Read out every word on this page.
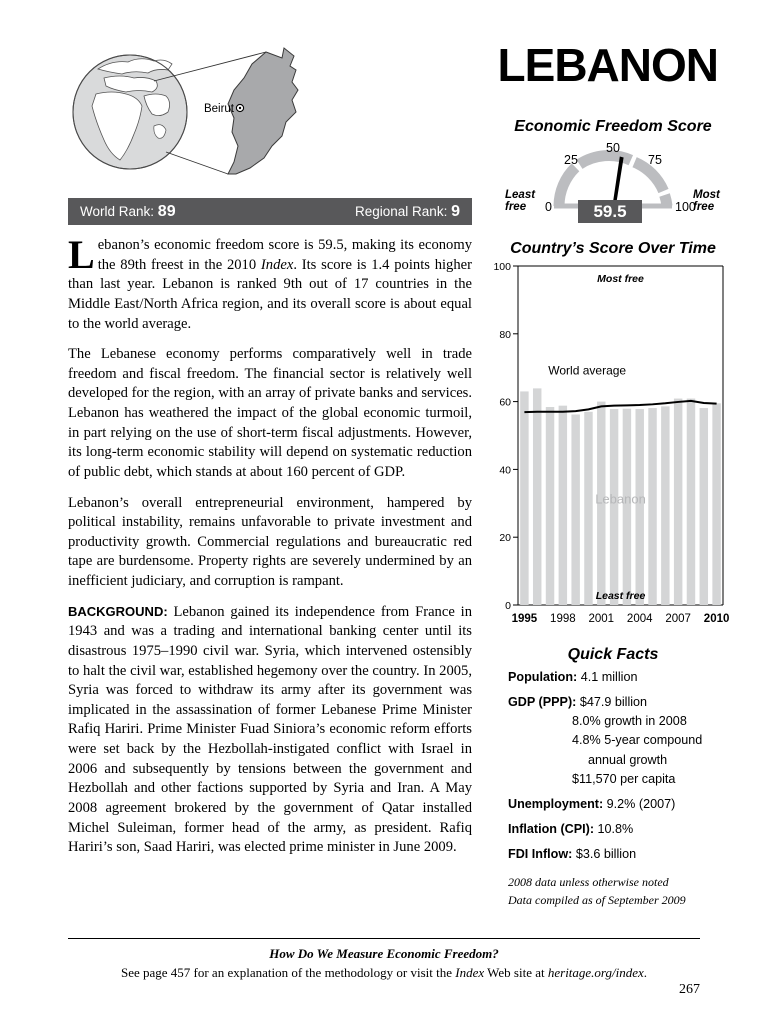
Beirut
World Rank: 89	Regional Rank: 9

Lebanon’s economic freedom score is 59.5, making its economy the 89th freest in the 2010 Index. Its score is 1.4 points higher than last year. Lebanon is ranked 9th out of 17 countries in the Middle East/North Africa region, and its overall score is about equal to the world average.

The Lebanese economy performs comparatively well in trade freedom and fiscal freedom. The financial sector is relatively well developed for the region, with an array of private banks and services. Lebanon has weathered the impact of the global economic turmoil, in part relying on the use of short-term fiscal adjustments. However, its long-term economic stability will depend on systematic reduction of public debt, which stands at about 160 percent of GDP.

Lebanon’s overall entrepreneurial environment, hampered by political instability, remains unfavorable to private investment and productivity growth. Commercial regulations and bureaucratic red tape are burdensome. Property rights are severely undermined by an inefficient judiciary, and corruption is rampant.

BACKGROUND: Lebanon gained its independence from France in 1943 and was a trading and international banking center until its disastrous 1975–1990 civil war. Syria, which intervened ostensibly to halt the civil war, established hegemony over the country. In 2005, Syria was forced to withdraw its army after its government was implicated in the assassination of former Lebanese Prime Minister Rafiq Hariri. Prime Minister Fuad Siniora’s economic reform efforts were set back by the Hezbollah-instigated conflict with Israel in 2006 and subsequently by tensions between the government and Hezbollah and other factions supported by Syria and Iran. A May 2008 agreement brokered by the government of Qatar installed Michel Suleiman, former head of the army, as president. Rafiq Hariri’s son, Saad Hariri, was elected prime minister in June 2009.

LEBANON
Economic Freedom Score
0
25
50
75
100
Least
free
Most
free
59.5
Country’s Score Over Time
0
20
40
60
80
100
Most free
Lebanon
Least free
World average
1995 1998 2001 2004 2007 2010
Quick Facts
Population: 4.1 million
GDP (PPP): $47.9 billion
8.0% growth in 2008
4.8% 5-year compound
annual growth
$11,570 per capita
Unemployment: 9.2% (2007)
Inflation (CPI): 10.8%
FDI Inflow: $3.6 billion
2008 data unless otherwise noted
Data compiled as of September 2009
How Do We Measure Economic Freedom?
See page 457 for an explanation of the methodology or visit the Index Web site at heritage.org/index.
267
